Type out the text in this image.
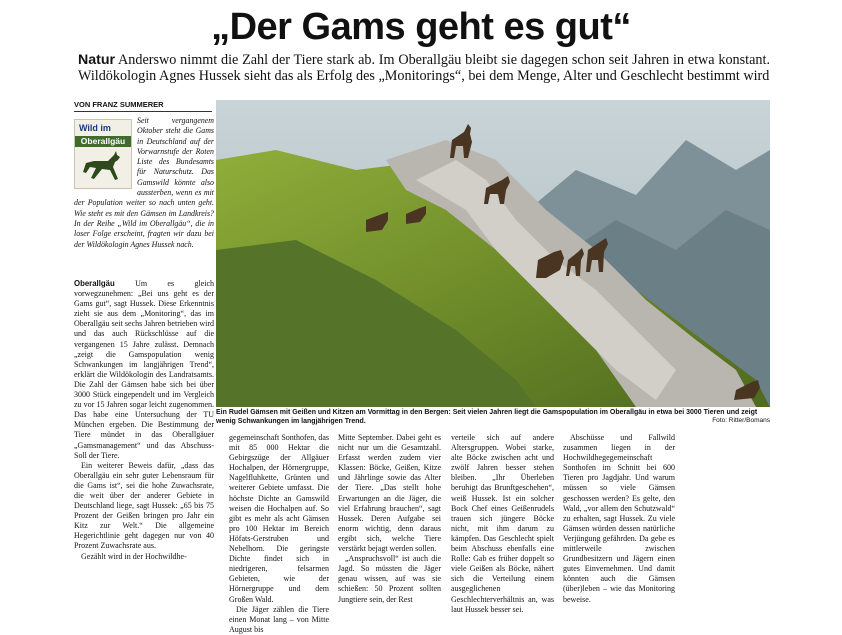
„Der Gams geht es gut“
Natur Anderswo nimmt die Zahl der Tiere stark ab. Im Oberallgäu bleibt sie dagegen schon seit Jahren in etwa konstant. Wildökologin Agnes Hussek sieht das als Erfolg des „Monitorings“, bei dem Menge, Alter und Geschlecht bestimmt wird
VON FRANZ SUMMERER
Wild im
Oberallgäu
Seit vergangenem Oktober steht die Gams in Deutschland auf der Vorwarnstufe der Roten Liste des Bundesamts für Naturschutz. Das Gamswild könnte also aussterben, wenn es mit der Population weiter so nach unten geht. Wie steht es mit den Gämsen im Landkreis? In der Reihe „Wild im Oberallgäu“, die in loser Folge erscheint, fragten wir dazu bei der Wildökologin Agnes Hussek nach.

Oberallgäu Um es gleich vorwegzunehmen: „Bei uns geht es der Gams gut“, sagt Hussek. Diese Erkenntnis zieht sie aus dem „Monitoring“, das im Oberallgäu seit sechs Jahren betrieben wird und das auch Rückschlüsse auf die vergangenen 15 Jahre zulässt. Demnach „zeigt die Gamspopulation wenig Schwankungen im langjährigen Trend“, erklärt die Wildökologin des Landratsamts. Die Zahl der Gämsen habe sich bei über 3000 Stück eingependelt und im Vergleich zu vor 15 Jahren sogar leicht zugenommen. Das habe eine Untersuchung der TU München ergeben. Die Bestimmung der Tiere mündet in das Oberallgäuer „Gamsmanagement“ und das Abschuss-Soll der Tiere.

Ein weiterer Beweis dafür, „dass das Oberallgäu ein sehr guter Lebensraum für die Gams ist“, sei die hohe Zuwachsrate, die weit über der anderer Gebiete in Deutschland liege, sagt Hussek: „65 bis 75 Prozent der Geißen bringen pro Jahr ein Kitz zur Welt.“ Die allgemeine Hegerichtlinie geht dagegen nur von 40 Prozent Zuwachsrate aus.

Gezählt wird in der Hochwildhe-

Ein Rudel Gämsen mit Geißen und Kitzen am Vormittag in den Bergen: Seit vielen Jahren liegt die Gamspopulation im Oberallgäu in etwa bei 3000 Tieren und zeigt wenig Schwankungen im langjährigen Trend.	Foto: Ritter/Bomans

gegemeinschaft Sonthofen, das mit 85 000 Hektar die Gebirgszüge der Allgäuer Hochalpen, der Hörnergruppe, Nagelfluhkette, Grünten und weiterer Gebiete umfasst. Die höchste Dichte an Gamswild weisen die Hochalpen auf. So gibt es mehr als acht Gämsen pro 100 Hektar im Bereich Höfats-Gerstruben und Nebelhorn. Die geringste Dichte findet sich in niedrigeren, felsarmen Gebieten, wie der Hörnergruppe und dem Großen Wald.

Die Jäger zählen die Tiere einen Monat lang – von Mitte August bis

Mitte September. Dabei geht es nicht nur um die Gesamtzahl. Erfasst werden zudem vier Klassen: Böcke, Geißen, Kitze und Jährlinge sowie das Alter der Tiere. „Das stellt hohe Erwartungen an die Jäger, die viel Erfahrung brauchen“, sagt Hussek. Deren Aufgabe sei enorm wichtig, denn daraus ergibt sich, welche Tiere verstärkt bejagt werden sollen.

„Anspruchsvoll“ ist auch die Jagd. So müssten die Jäger genau wissen, auf was sie schießen: 50 Prozent sollten Jungtiere sein, der Rest

verteile sich auf andere Altersgruppen. Wobei starke, alte Böcke zwischen acht und zwölf Jahren besser stehen bleiben. „Ihr Überleben beruhigt das Brunftgeschehen“, weiß Hussek. Ist ein solcher Bock Chef eines Geißenrudels trauen sich jüngere Böcke nicht, mit ihm darum zu kämpfen. Das Geschlecht spielt beim Abschuss ebenfalls eine Rolle: Gab es früher doppelt so viele Geißen als Böcke, nähert sich die Verteilung einem ausgeglichenen Geschlechterverhältnis an, was laut Hussek besser sei.

Abschüsse und Fallwild zusammen liegen in der Hochwildhegegemeinschaft Sonthofen im Schnitt bei 600 Tieren pro Jagdjahr. Und warum müssen so viele Gämsen geschossen werden? Es gelte, den Wald, „vor allem den Schutzwald“ zu erhalten, sagt Hussek. Zu viele Gämsen würden dessen natürliche Verjüngung gefährden. Da gebe es mittlerweile zwischen Grundbesitzern und Jägern einen gutes Einvernehmen. Und damit könnten auch die Gämsen (über)leben – wie das Monitoring beweise.
